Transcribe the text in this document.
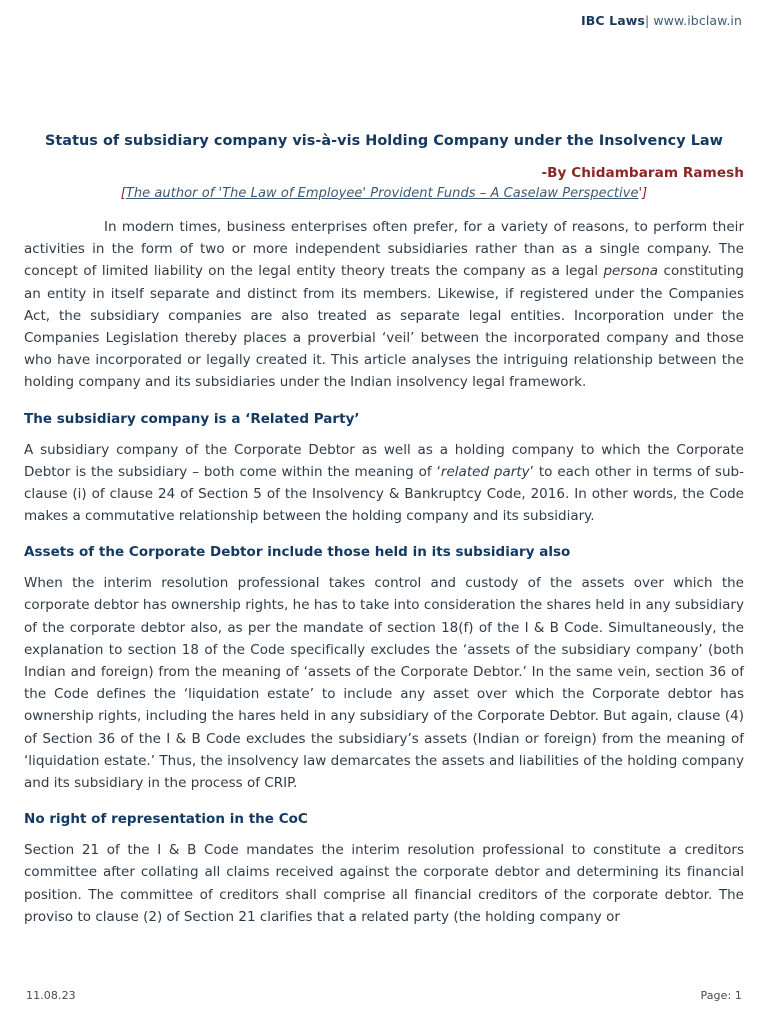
IBC Laws| www.ibclaw.in
Status of subsidiary company vis-à-vis Holding Company under the Insolvency Law
-By Chidambaram Ramesh
[The author of 'The Law of Employee' Provident Funds – A Caselaw Perspective']

In modern times, business enterprises often prefer, for a variety of reasons, to perform their activities in the form of two or more independent subsidiaries rather than as a single company. The concept of limited liability on the legal entity theory treats the company as a legal persona constituting an entity in itself separate and distinct from its members. Likewise, if registered under the Companies Act, the subsidiary companies are also treated as separate legal entities. Incorporation under the Companies Legislation thereby places a proverbial ‘veil’ between the incorporated company and those who have incorporated or legally created it. This article analyses the intriguing relationship between the holding company and its subsidiaries under the Indian insolvency legal framework.

The subsidiary company is a ‘Related Party’

A subsidiary company of the Corporate Debtor as well as a holding company to which the Corporate Debtor is the subsidiary – both come within the meaning of ‘related party’ to each other in terms of sub-clause (i) of clause 24 of Section 5 of the Insolvency & Bankruptcy Code, 2016. In other words, the Code makes a commutative relationship between the holding company and its subsidiary.

Assets of the Corporate Debtor include those held in its subsidiary also

When the interim resolution professional takes control and custody of the assets over which the corporate debtor has ownership rights, he has to take into consideration the shares held in any subsidiary of the corporate debtor also, as per the mandate of section 18(f) of the I & B Code. Simultaneously, the explanation to section 18 of the Code specifically excludes the ‘assets of the subsidiary company’ (both Indian and foreign) from the meaning of ‘assets of the Corporate Debtor.’ In the same vein, section 36 of the Code defines the ‘liquidation estate’ to include any asset over which the Corporate debtor has ownership rights, including the hares held in any subsidiary of the Corporate Debtor. But again, clause (4) of Section 36 of the I & B Code excludes the subsidiary’s assets (Indian or foreign) from the meaning of ‘liquidation estate.’ Thus, the insolvency law demarcates the assets and liabilities of the holding company and its subsidiary in the process of CRIP.

No right of representation in the CoC

Section 21 of the I & B Code mandates the interim resolution professional to constitute a creditors committee after collating all claims received against the corporate debtor and determining its financial position. The committee of creditors shall comprise all financial creditors of the corporate debtor. The proviso to clause (2) of Section 21 clarifies that a related party (the holding company or

11.08.23	Page: 1
